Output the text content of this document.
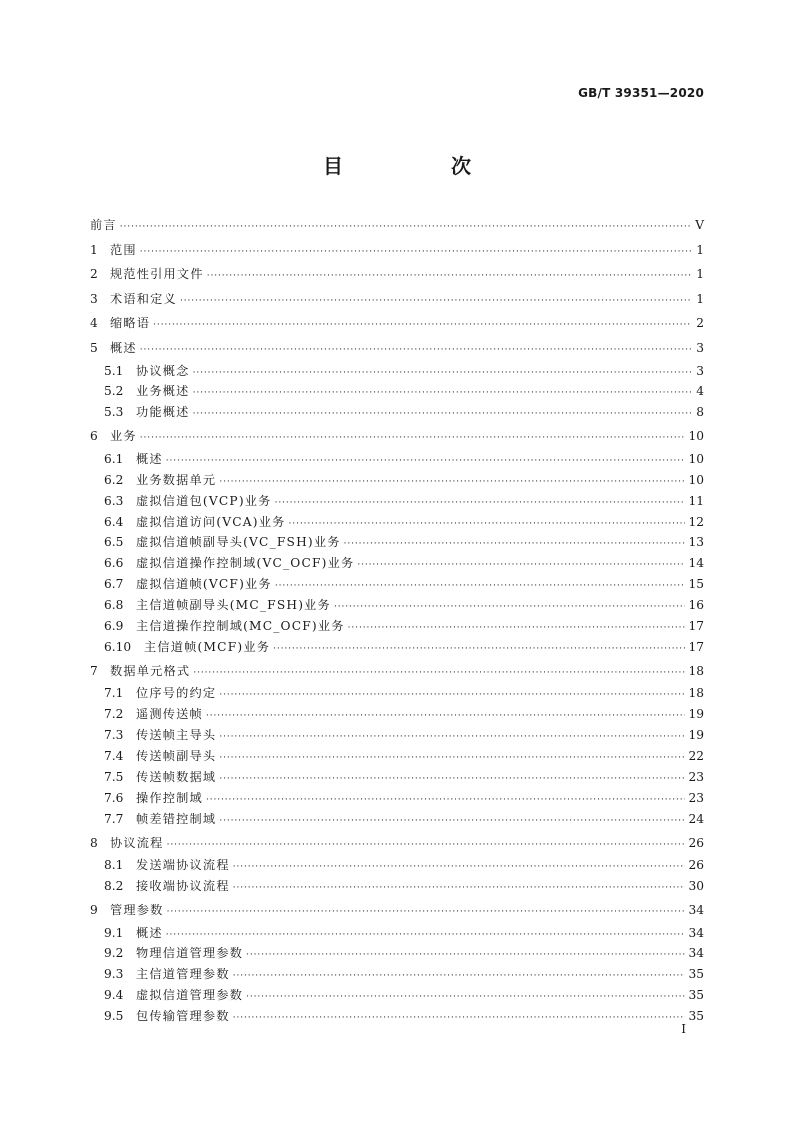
GB/T 39351—2020
目　次
前言 ·····	Ⅴ
1	范围 ·····	1
2	规范性引用文件 ·····	1
3	术语和定义 ·····	1
4	缩略语 ·····	2
5	概述 ·····	3
5.1	协议概念 ·····	3
5.2	业务概述 ·····	4
5.3	功能概述 ·····	8
6	业务 ·····	10
6.1	概述 ·····	10
6.2	业务数据单元 ·····	10
6.3	虚拟信道包(VCP)业务 ·····	11
6.4	虚拟信道访问(VCA)业务 ·····	12
6.5	虚拟信道帧副导头(VC_FSH)业务 ·····	13
6.6	虚拟信道操作控制域(VC_OCF)业务 ·····	14
6.7	虚拟信道帧(VCF)业务 ·····	15
6.8	主信道帧副导头(MC_FSH)业务 ·····	16
6.9	主信道操作控制域(MC_OCF)业务 ·····	17
6.10	主信道帧(MCF)业务 ·····	17
7	数据单元格式 ·····	18
7.1	位序号的约定 ·····	18
7.2	遥测传送帧 ·····	19
7.3	传送帧主导头 ·····	19
7.4	传送帧副导头 ·····	22
7.5	传送帧数据域 ·····	23
7.6	操作控制域 ·····	23
7.7	帧差错控制域 ·····	24
8	协议流程 ·····	26
8.1	发送端协议流程 ·····	26
8.2	接收端协议流程 ·····	30
9	管理参数 ·····	34
9.1	概述 ·····	34
9.2	物理信道管理参数 ·····	34
9.3	主信道管理参数 ·····	35
9.4	虚拟信道管理参数 ·····	35
9.5	包传输管理参数 ·····	35
Ⅰ
